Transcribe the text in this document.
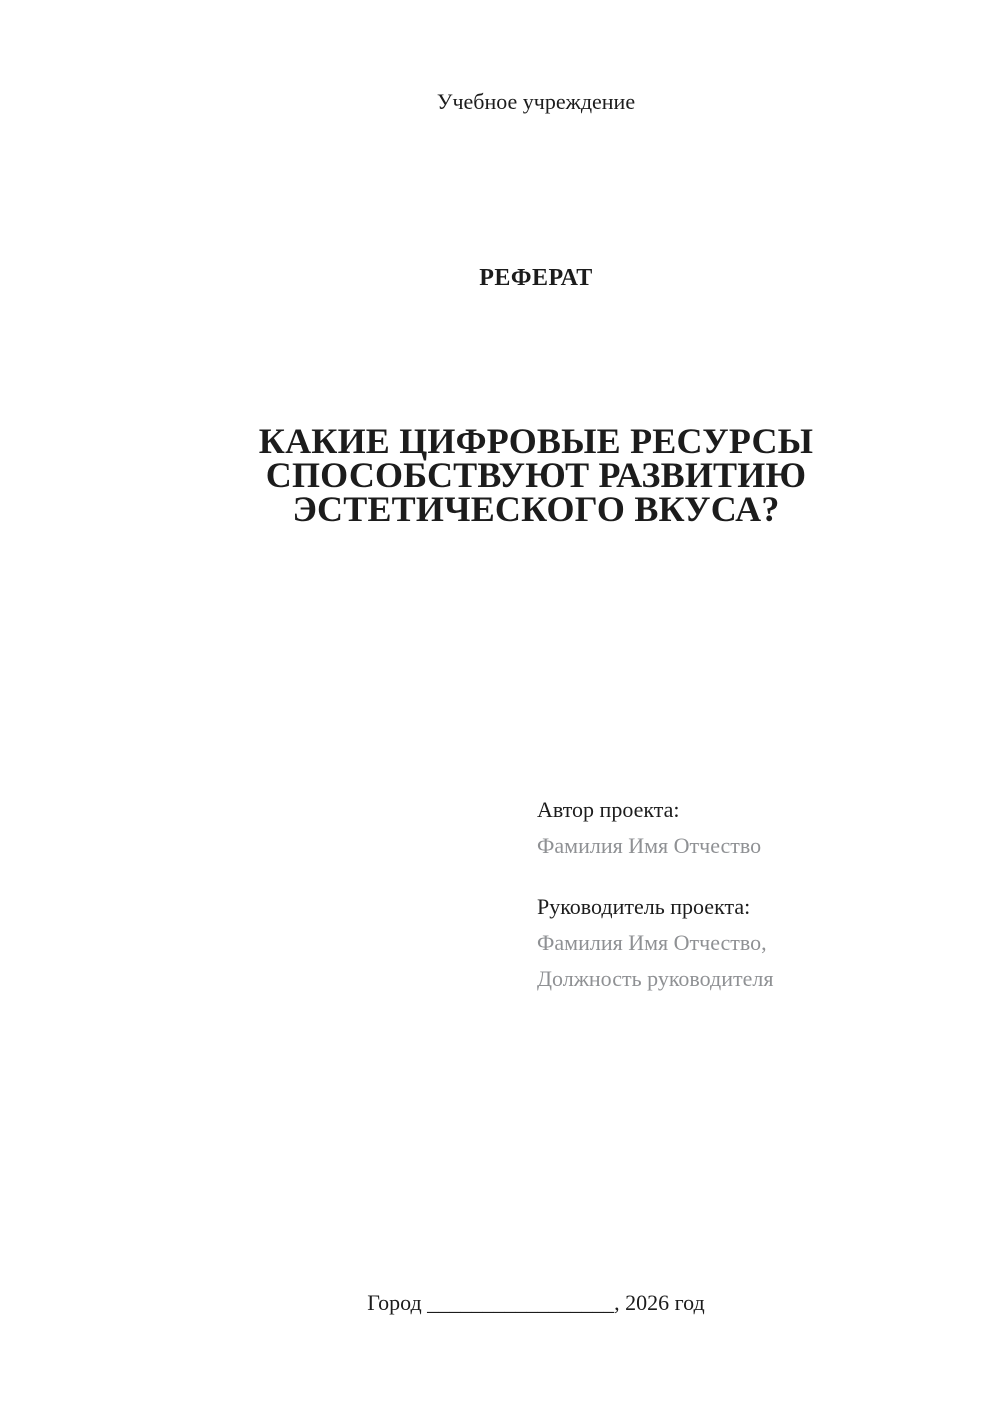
Учебное учреждение
РЕФЕРАТ
КАКИЕ ЦИФРОВЫЕ РЕСУРСЫ
СПОСОБСТВУЮТ РАЗВИТИЮ
ЭСТЕТИЧЕСКОГО ВКУСА?
Автор проекта:
Фамилия Имя Отчество
Руководитель проекта:
Фамилия Имя Отчество,
Должность руководителя
Город _________________, 2026 год
